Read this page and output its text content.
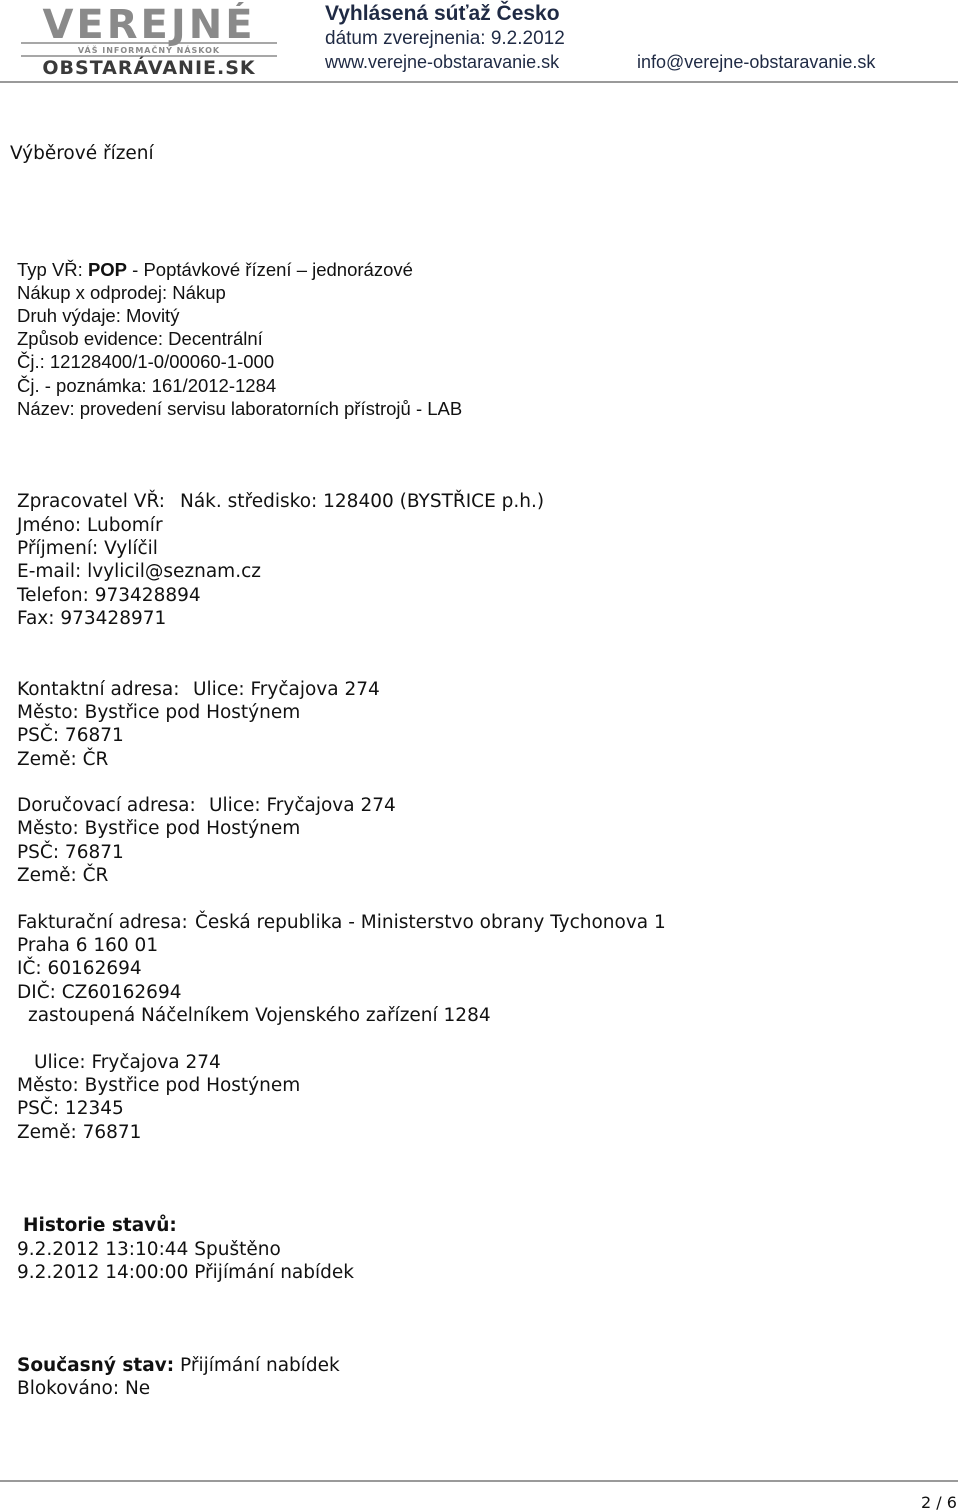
VEREJNÉ
VÁŠ INFORMAČNÝ NÁSKOK
OBSTARÁVANIE.SK
Vyhlásená súťaž Česko
dátum zverejnenia: 9.2.2012
www.verejne-obstaravanie.sk	info@verejne-obstaravanie.sk
Výběrové řízení
Typ VŘ: POP - Poptávkové řízení – jednorázové
Nákup x odprodej: Nákup
Druh výdaje: Movitý
Způsob evidence: Decentrální
Čj.: 12128400/1-0/00060-1-000
Čj. - poznámka: 161/2012-1284
Název: provedení servisu laboratorních přístrojů - LAB
Zpracovatel VŘ: Nák. středisko: 128400 (BYSTŘICE p.h.)
Jméno: Lubomír
Příjmení: Vylíčil
E-mail: lvylicil@seznam.cz
Telefon: 973428894
Fax: 973428971
Kontaktní adresa: Ulice: Fryčajova 274
Město: Bystřice pod Hostýnem
PSČ: 76871
Země: ČR
Doručovací adresa: Ulice: Fryčajova 274
Město: Bystřice pod Hostýnem
PSČ: 76871
Země: ČR
Fakturační adresa: Česká republika - Ministerstvo obrany Tychonova 1
Praha 6 160 01
IČ: 60162694
DIČ: CZ60162694
zastoupená Náčelníkem Vojenského zařízení 1284
Ulice: Fryčajova 274
Město: Bystřice pod Hostýnem
PSČ: 12345
Země: 76871
Historie stavů:
9.2.2012 13:10:44 Spuštěno
9.2.2012 14:00:00 Přijímání nabídek
Současný stav: Přijímání nabídek
Blokováno: Ne
2 / 6
